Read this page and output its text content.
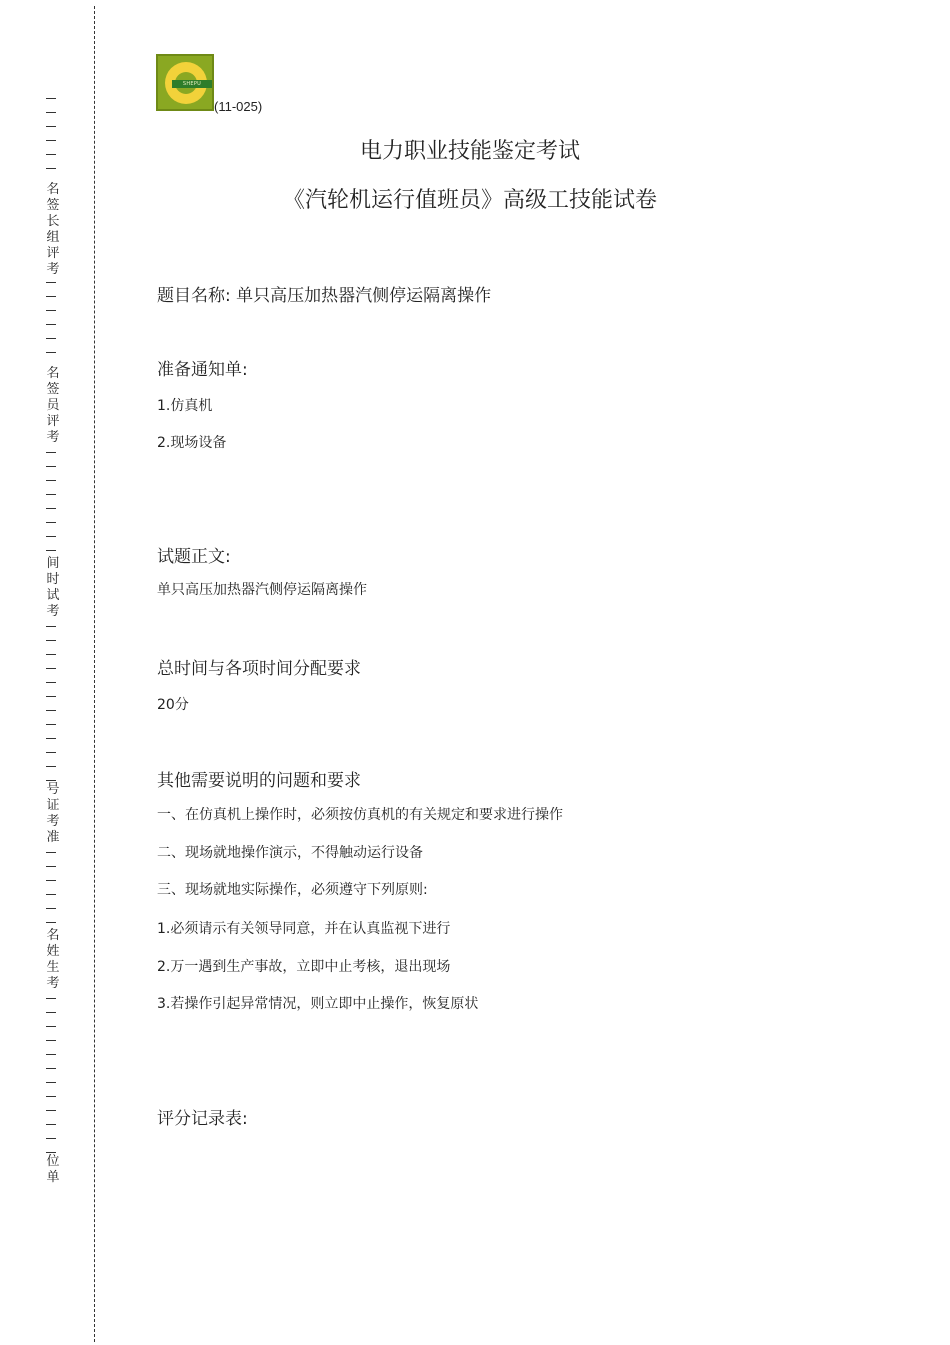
名
签
长
组
评
考
名
签
员
评
考
间
时
试
考
号
证
考
准
名
姓
生
考
位
单
SHEPU
(11-025)
电力职业技能鉴定考试
《汽轮机运行值班员》高级工技能试卷
题目名称: 单只高压加热器汽侧停运隔离操作
准备通知单:
1.仿真机
2.现场设备
试题正文:
单只高压加热器汽侧停运隔离操作
总时间与各项时间分配要求
20分
其他需要说明的问题和要求
一、在仿真机上操作时，必须按仿真机的有关规定和要求进行操作
二、现场就地操作演示，不得触动运行设备
三、现场就地实际操作，必须遵守下列原则:
1.必须请示有关领导同意，并在认真监视下进行
2.万一遇到生产事故，立即中止考核，退出现场
3.若操作引起异常情况，则立即中止操作，恢复原状
评分记录表:
